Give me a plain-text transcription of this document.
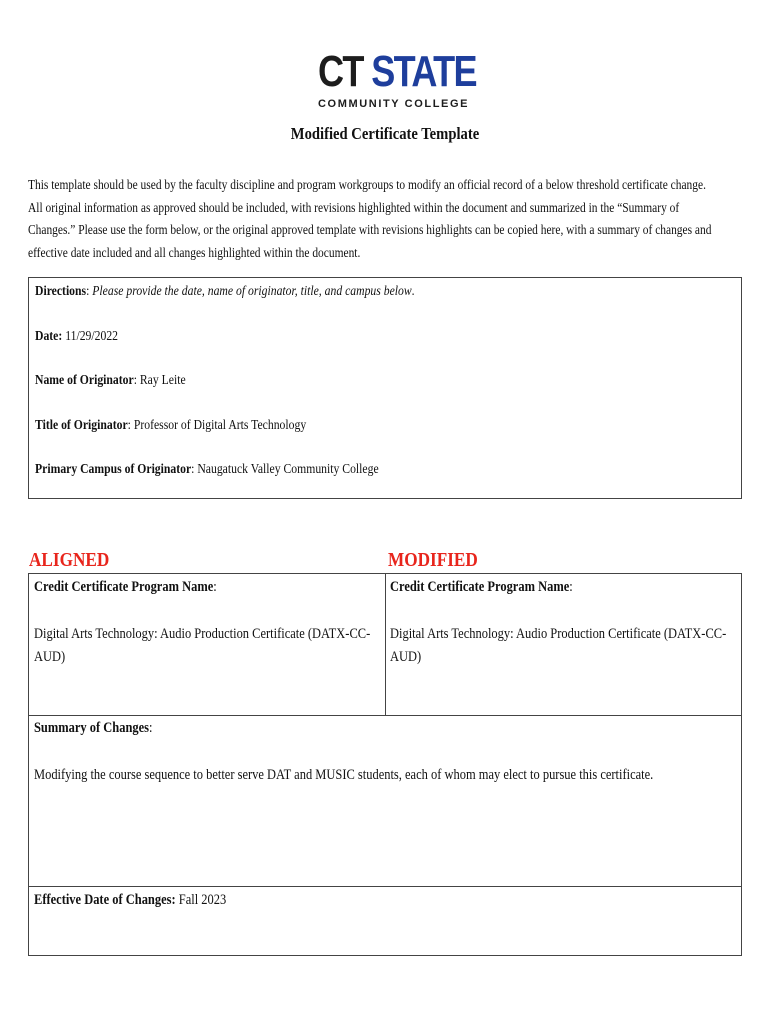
CT STATE
COMMUNITY COLLEGE
Modified Certificate Template
This template should be used by the faculty discipline and program workgroups to modify an official record of a below threshold certificate change. All original information as approved should be included, with revisions highlighted within the document and summarized in the “Summary of Changes.” Please use the form below, or the original approved template with revisions highlights can be copied here, with a summary of changes and effective date included and all changes highlighted within the document.
Directions: Please provide the date, name of originator, title, and campus below.
Date: 11/29/2022
Name of Originator: Ray Leite
Title of Originator: Professor of Digital Arts Technology
Primary Campus of Originator: Naugatuck Valley Community College
ALIGNED	MODIFIED
Credit Certificate Program Name:
Digital Arts Technology: Audio Production Certificate (DATX-CC-AUD)
Credit Certificate Program Name:
Digital Arts Technology: Audio Production Certificate (DATX-CC-AUD)
Summary of Changes:
Modifying the course sequence to better serve DAT and MUSIC students, each of whom may elect to pursue this certificate.
Effective Date of Changes: Fall 2023
